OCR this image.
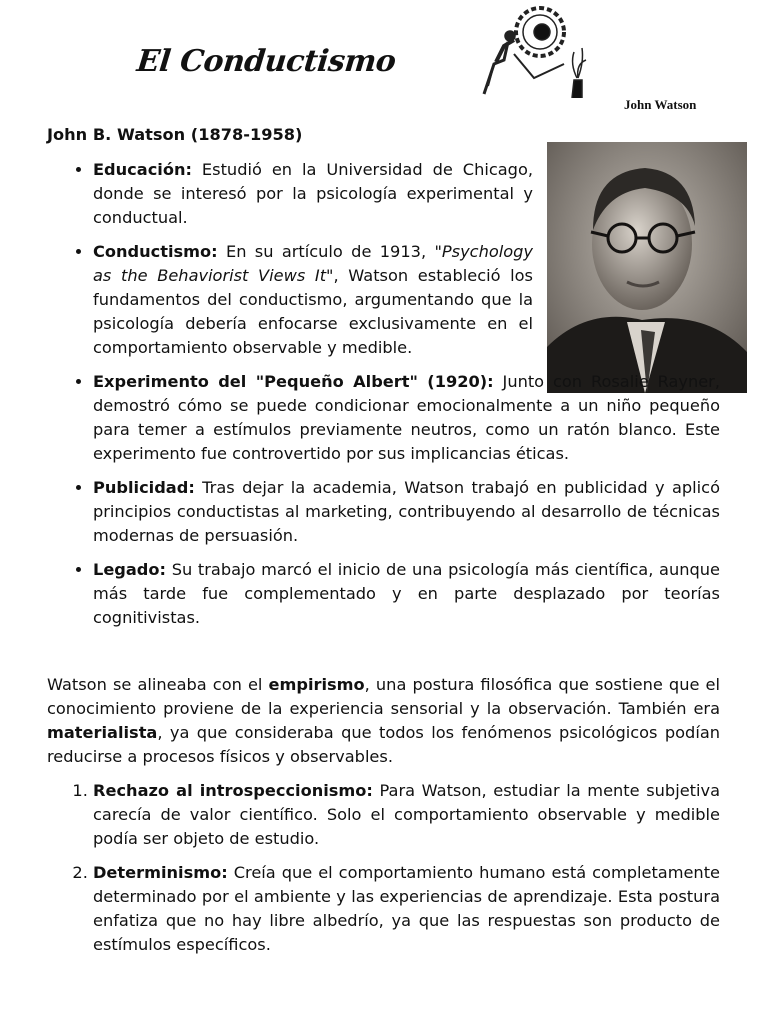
El Conductismo
John Watson
John B. Watson (1878-1958)
• Educación: Estudió en la Universidad de Chicago, donde se interesó por la psicología experimental y conductual.
• Conductismo: En su artículo de 1913, "Psychology as the Behaviorist Views It", Watson estableció los fundamentos del conductismo, argumentando que la psicología debería enfocarse exclusivamente en el comportamiento observable y medible.
• Experimento del "Pequeño Albert" (1920): Junto con Rosalie Rayner, demostró cómo se puede condicionar emocionalmente a un niño pequeño para temer a estímulos previamente neutros, como un ratón blanco. Este experimento fue controvertido por sus implicancias éticas.
• Publicidad: Tras dejar la academia, Watson trabajó en publicidad y aplicó principios conductistas al marketing, contribuyendo al desarrollo de técnicas modernas de persuasión.
• Legado: Su trabajo marcó el inicio de una psicología más científica, aunque más tarde fue complementado y en parte desplazado por teorías cognitivistas.

Watson se alineaba con el empirismo, una postura filosófica que sostiene que el conocimiento proviene de la experiencia sensorial y la observación. También era materialista, ya que consideraba que todos los fenómenos psicológicos podían reducirse a procesos físicos y observables.

1. Rechazo al introspeccionismo: Para Watson, estudiar la mente subjetiva carecía de valor científico. Solo el comportamiento observable y medible podía ser objeto de estudio.
2. Determinismo: Creía que el comportamiento humano está completamente determinado por el ambiente y las experiencias de aprendizaje. Esta postura enfatiza que no hay libre albedrío, ya que las respuestas son producto de estímulos específicos.
